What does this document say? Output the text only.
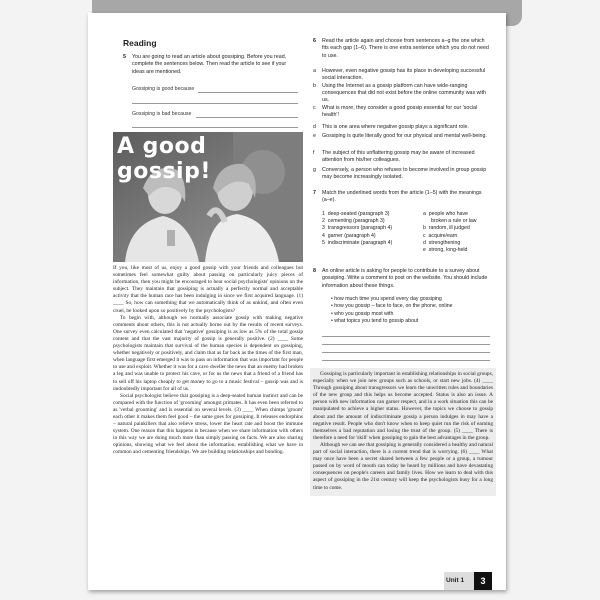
Reading
5 You are going to read an article about gossiping. Before you read, complete the sentences below. Then read the article to see if your ideas are mentioned.
Gossiping is good because
Gossiping is bad because
A good gossip!

If you, like most of us, enjoy a good gossip with your friends and colleagues but sometimes feel somewhat guilty about passing on particularly juicy pieces of information, then you might be encouraged to hear social psychologists' opinions on the subject. They maintain that gossiping is actually a perfectly normal and acceptable activity that the human race has been indulging in since we first acquired language. (1) ____ So, how can something that we automatically think of as unkind, and often even cruel, be looked upon so positively by the psychologists?

To begin with, although we normally associate gossip with making negative comments about others, this is not actually borne out by the results of recent surveys. One survey even calculated that 'negative' gossiping is as low as 5% of the total gossip content and that the vast majority of gossip is generally positive. (2) ____ Some psychologists maintain that survival of the human species is dependent on gossiping, whether negatively or positively, and claim that as far back as the times of the first man, when language first emerged it was to pass on information that was important for people to use and exploit. Whether it was for a cave dweller the news that an enemy had broken a leg and was unable to protect his cave, or for us the news that a friend of a friend has to sell off his laptop cheaply to get money to go to a music festival – gossip was and is undoubtedly important for all of us.

Social psychologist believe that gossiping is a deep-seated human instinct and can be compared with the function of 'grooming' amongst primates. It has even been referred to as 'verbal grooming' and is essential on several levels. (3) ____ When chimps 'groom' each other it makes them feel good – the same goes for gossiping. It releases endorphins – natural painkillers that also relieve stress, lower the heart rate and boost the immune system. One reason that this happens is because when we share information with others in this way we are doing much more than simply passing on facts. We are also sharing opinions, showing what we feel about the information, establishing what we have in common and cementing friendships. We are building relationships and bonding.

Gossiping is particularly important in establishing relationships in social groups, especially when we join new groups such as schools, or start new jobs. (4) ____ Through gossiping about transgressors we learn the unwritten rules and boundaries of the new group and this helps us become accepted. Status is also an issue. A person with new information can garner respect, and in a work situation this can be manipulated to achieve a higher status. However, the topics we choose to gossip about and the amount of indiscriminate gossip a person indulges in may have a negative result. People who don't know when to keep quiet run the risk of earning themselves a bad reputation and losing the trust of the group. (5) ____ There is therefore a need for 'skill' when gossiping to gain the best advantages in the group.

Although we can see that gossiping is generally considered a healthy and natural part of social interaction, there is a current trend that is worrying. (6) ____ What may once have been a secret shared between a few people or a group, a rumour passed on by word of mouth can today be heard by millions and have devastating consequences on people's careers and family lives. How we learn to deal with this aspect of gossiping in the 21st century will keep the psychologists busy for a long time to come.

6 Read the article again and choose from sentences a–g the one which fits each gap (1–6). There is one extra sentence which you do not need to use.
a However, even negative gossip has its place in developing successful social interaction.
b Using the Internet as a gossip platform can have wide-ranging consequences that did not exist before the online community was with us.
c What is more, they consider a good gossip essential for our 'social health'!
d This is one area where negative gossip plays a significant role.
e Gossiping is quite literally good for our physical and mental well-being.
f The subject of this unflattering gossip may be aware of increased attention from his/her colleagues.
g Conversely, a person who refuses to become involved in group gossip may become increasingly isolated.
7 Match the underlined words from the article (1–5) with the meanings (a–e).
1 deep-seated (paragraph 3)
2 cementing (paragraph 3)
3 transgressors (paragraph 4)
4 garner (paragraph 4)
5 indiscriminate (paragraph 4)
a people who have
broken a rule or law
b random, ill judged
c acquire/earn
d strengthening
e strong, long-held
8 An online article is asking for people to contribute to a survey about gossiping. Write a comment to post on the website. You should include information about these things.
• how much time you spend every day gossiping
• how you gossip – face to face, on the phone, online
• who you gossip most with
• what topics you tend to gossip about
Unit 1	3
